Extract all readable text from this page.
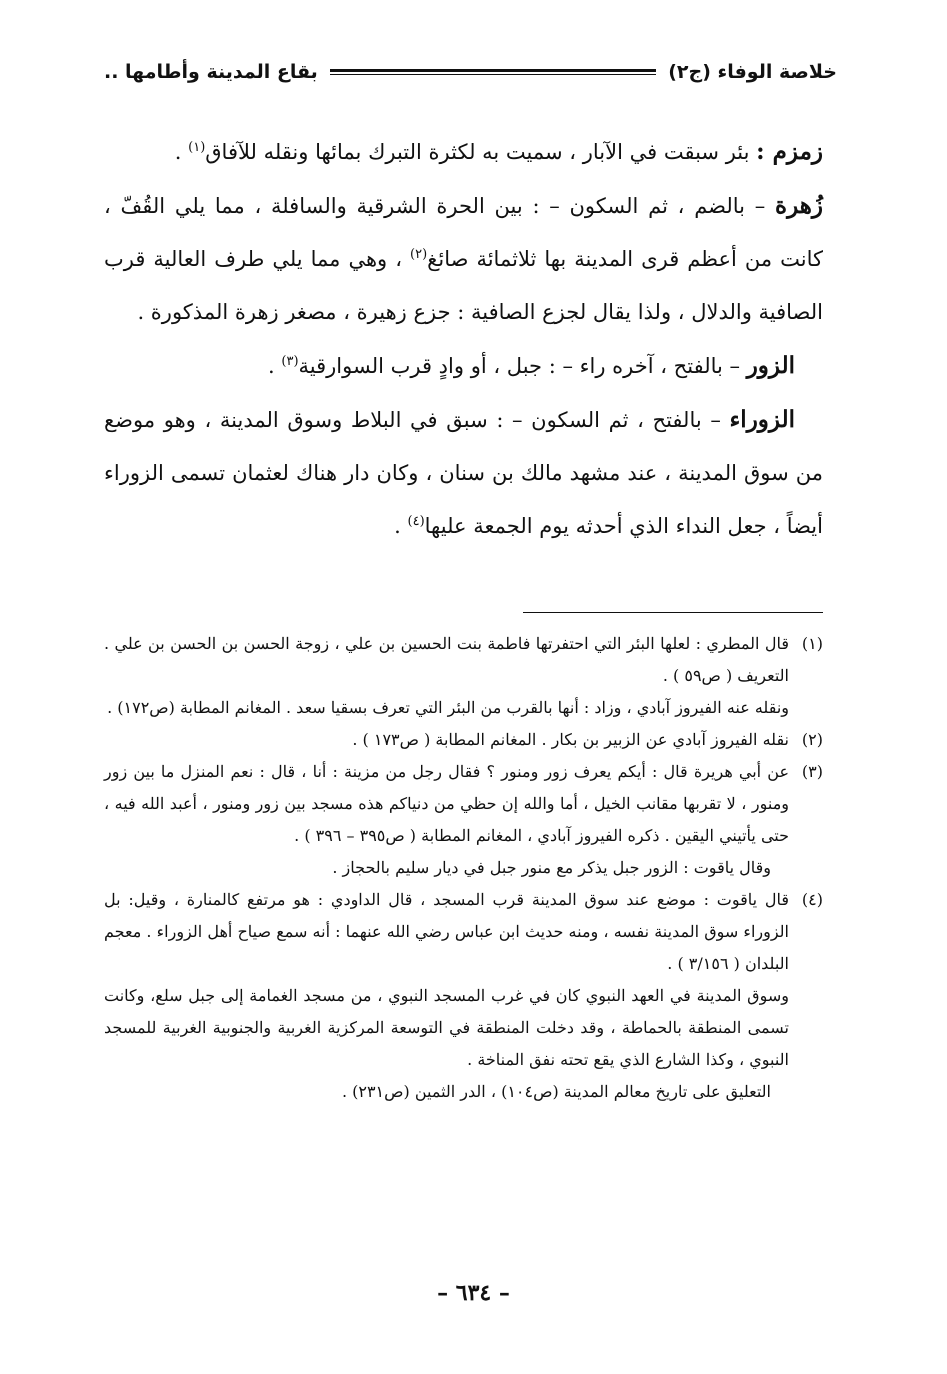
خلاصة الوفاء (ج٢)
بقاع المدينة وأطامها ..

زمزم : بئر سبقت في الآبار ، سميت به لكثرة التبرك بمائها ونقله للآفاق$^{(١)}$ .

زُهرة – بالضم ، ثم السكون – : بين الحرة الشرقية والسافلة ، مما يلي القُفّ ، كانت من أعظم قرى المدينة بها ثلاثمائة صائغ$^{(٢)}$ ، وهي مما يلي طرف العالية قرب الصافية والدلال ، ولذا يقال لجزع الصافية : جزع زهيرة ، مصغر زهرة المذكورة .

الزور – بالفتح ، آخره راء – : جبل ، أو وادٍ قرب السوارقية$^{(٣)}$ .

الزوراء – بالفتح ، ثم السكون – : سبق في البلاط وسوق المدينة ، وهو موضع من سوق المدينة ، عند مشهد مالك بن سنان ، وكان دار هناك لعثمان تسمى الزوراء أيضاً ، جعل النداء الذي أحدثه يوم الجمعة عليها$^{(٤)}$ .

(١)
قال المطري : لعلها البئر التي احتفرتها فاطمة بنت الحسين بن علي ، زوجة الحسن بن الحسن بن علي . التعريف ( ص٥٩ ) .

ونقله عنه الفيروز آبادي ، وزاد : أنها بالقرب من البئر التي تعرف بسقيا سعد . المغانم المطابة (ص١٧٢) .

(٢)
نقله الفيروز آبادي عن الزبير بن بكار . المغانم المطابة ( ص١٧٣ ) .
(٣)
عن أبي هريرة قال : أيكم يعرف زور ومنور ؟ فقال رجل من مزينة : أنا ، قال : نعم المنزل ما بين زور ومنور ، لا تقربها مقانب الخيل ، أما والله إن حظي من دنياكم هذه مسجد بين زور ومنور ، أعبد الله فيه ، حتى يأتيني اليقين . ذكره الفيروز آبادي ، المغانم المطابة ( ص٣٩٥ – ٣٩٦ ) .

وقال ياقوت : الزور جبل يذكر مع منور جبل في ديار سليم بالحجاز .

(٤)
قال ياقوت : موضع عند سوق المدينة قرب المسجد ، قال الداودي : هو مرتفع كالمنارة ، وقيل: بل الزوراء سوق المدينة نفسه ، ومنه حديث ابن عباس رضي الله عنهما : أنه سمع صياح أهل الزوراء . معجم البلدان ( ٣/١٥٦ ) .

وسوق المدينة في العهد النبوي كان في غرب المسجد النبوي ، من مسجد الغمامة إلى جبل سلع، وكانت تسمى المنطقة بالحماطة ، وقد دخلت المنطقة في التوسعة المركزية الغربية والجنوبية الغربية للمسجد النبوي ، وكذا الشارع الذي يقع تحته نفق المناخة .

التعليق على تاريخ معالم المدينة (ص١٠٤) ، الدر الثمين (ص٢٣١) .

– ٦٣٤ –
